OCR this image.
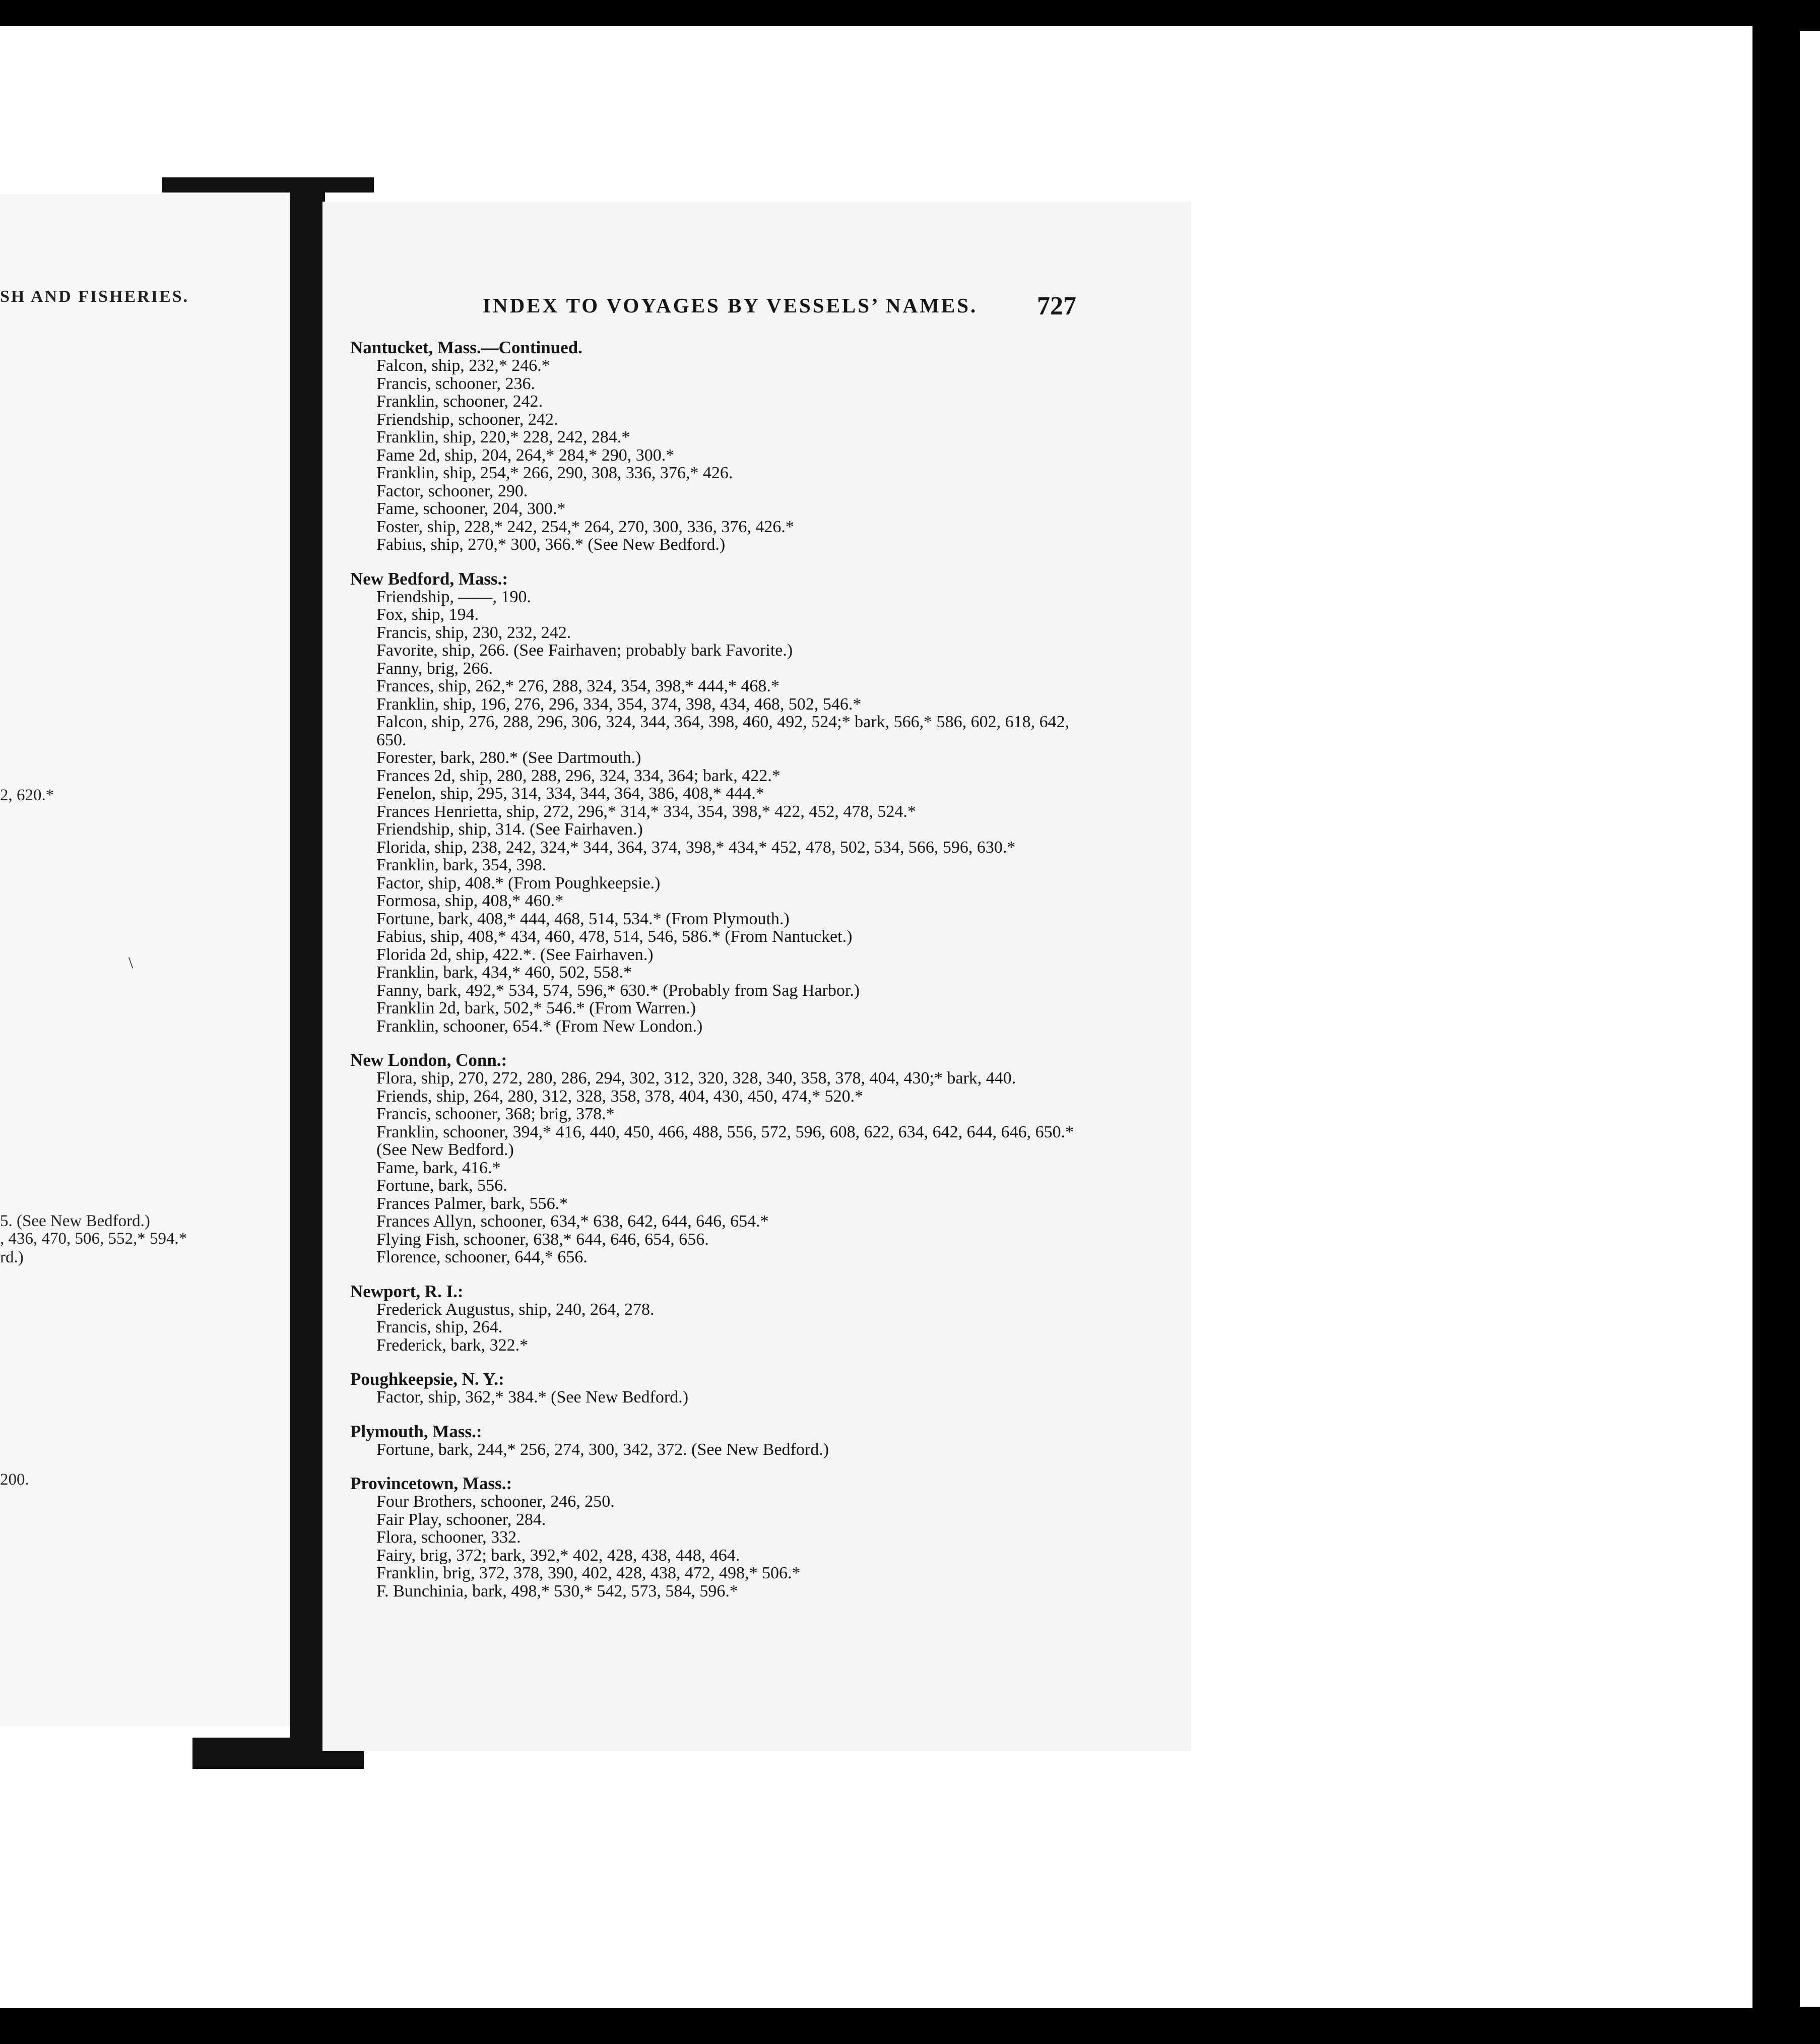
SH AND FISHERIES.
2, 620.*
\
5. (See New Bedford.)
, 436, 470, 506, 552,* 594.*
rd.)
200.
INDEX TO VOYAGES BY VESSELS’ NAMES. 727
Nantucket, Mass.—Continued.
Falcon, ship, 232,* 246.*
Francis, schooner, 236.
Franklin, schooner, 242.
Friendship, schooner, 242.
Franklin, ship, 220,* 228, 242, 284.*
Fame 2d, ship, 204, 264,* 284,* 290, 300.*
Franklin, ship, 254,* 266, 290, 308, 336, 376,* 426.
Factor, schooner, 290.
Fame, schooner, 204, 300.*
Foster, ship, 228,* 242, 254,* 264, 270, 300, 336, 376, 426.*
Fabius, ship, 270,* 300, 366.* (See New Bedford.)
New Bedford, Mass.:
Friendship, ——, 190.
Fox, ship, 194.
Francis, ship, 230, 232, 242.
Favorite, ship, 266. (See Fairhaven; probably bark Favorite.)
Fanny, brig, 266.
Frances, ship, 262,* 276, 288, 324, 354, 398,* 444,* 468.*
Franklin, ship, 196, 276, 296, 334, 354, 374, 398, 434, 468, 502, 546.*
Falcon, ship, 276, 288, 296, 306, 324, 344, 364, 398, 460, 492, 524;* bark, 566,* 586, 602, 618, 642, 650.
Forester, bark, 280.* (See Dartmouth.)
Frances 2d, ship, 280, 288, 296, 324, 334, 364; bark, 422.*
Fenelon, ship, 295, 314, 334, 344, 364, 386, 408,* 444.*
Frances Henrietta, ship, 272, 296,* 314,* 334, 354, 398,* 422, 452, 478, 524.*
Friendship, ship, 314. (See Fairhaven.)
Florida, ship, 238, 242, 324,* 344, 364, 374, 398,* 434,* 452, 478, 502, 534, 566, 596, 630.*
Franklin, bark, 354, 398.
Factor, ship, 408.* (From Poughkeepsie.)
Formosa, ship, 408,* 460.*
Fortune, bark, 408,* 444, 468, 514, 534.* (From Plymouth.)
Fabius, ship, 408,* 434, 460, 478, 514, 546, 586.* (From Nantucket.)
Florida 2d, ship, 422.*. (See Fairhaven.)
Franklin, bark, 434,* 460, 502, 558.*
Fanny, bark, 492,* 534, 574, 596,* 630.* (Probably from Sag Harbor.)
Franklin 2d, bark, 502,* 546.* (From Warren.)
Franklin, schooner, 654.* (From New London.)
New London, Conn.:
Flora, ship, 270, 272, 280, 286, 294, 302, 312, 320, 328, 340, 358, 378, 404, 430;* bark, 440.
Friends, ship, 264, 280, 312, 328, 358, 378, 404, 430, 450, 474,* 520.*
Francis, schooner, 368; brig, 378.*
Franklin, schooner, 394,* 416, 440, 450, 466, 488, 556, 572, 596, 608, 622, 634, 642, 644, 646, 650.* (See New Bedford.)
Fame, bark, 416.*
Fortune, bark, 556.
Frances Palmer, bark, 556.*
Frances Allyn, schooner, 634,* 638, 642, 644, 646, 654.*
Flying Fish, schooner, 638,* 644, 646, 654, 656.
Florence, schooner, 644,* 656.
Newport, R. I.:
Frederick Augustus, ship, 240, 264, 278.
Francis, ship, 264.
Frederick, bark, 322.*
Poughkeepsie, N. Y.:
Factor, ship, 362,* 384.* (See New Bedford.)
Plymouth, Mass.:
Fortune, bark, 244,* 256, 274, 300, 342, 372. (See New Bedford.)
Provincetown, Mass.:
Four Brothers, schooner, 246, 250.
Fair Play, schooner, 284.
Flora, schooner, 332.
Fairy, brig, 372; bark, 392,* 402, 428, 438, 448, 464.
Franklin, brig, 372, 378, 390, 402, 428, 438, 472, 498,* 506.*
F. Bunchinia, bark, 498,* 530,* 542, 573, 584, 596.*
